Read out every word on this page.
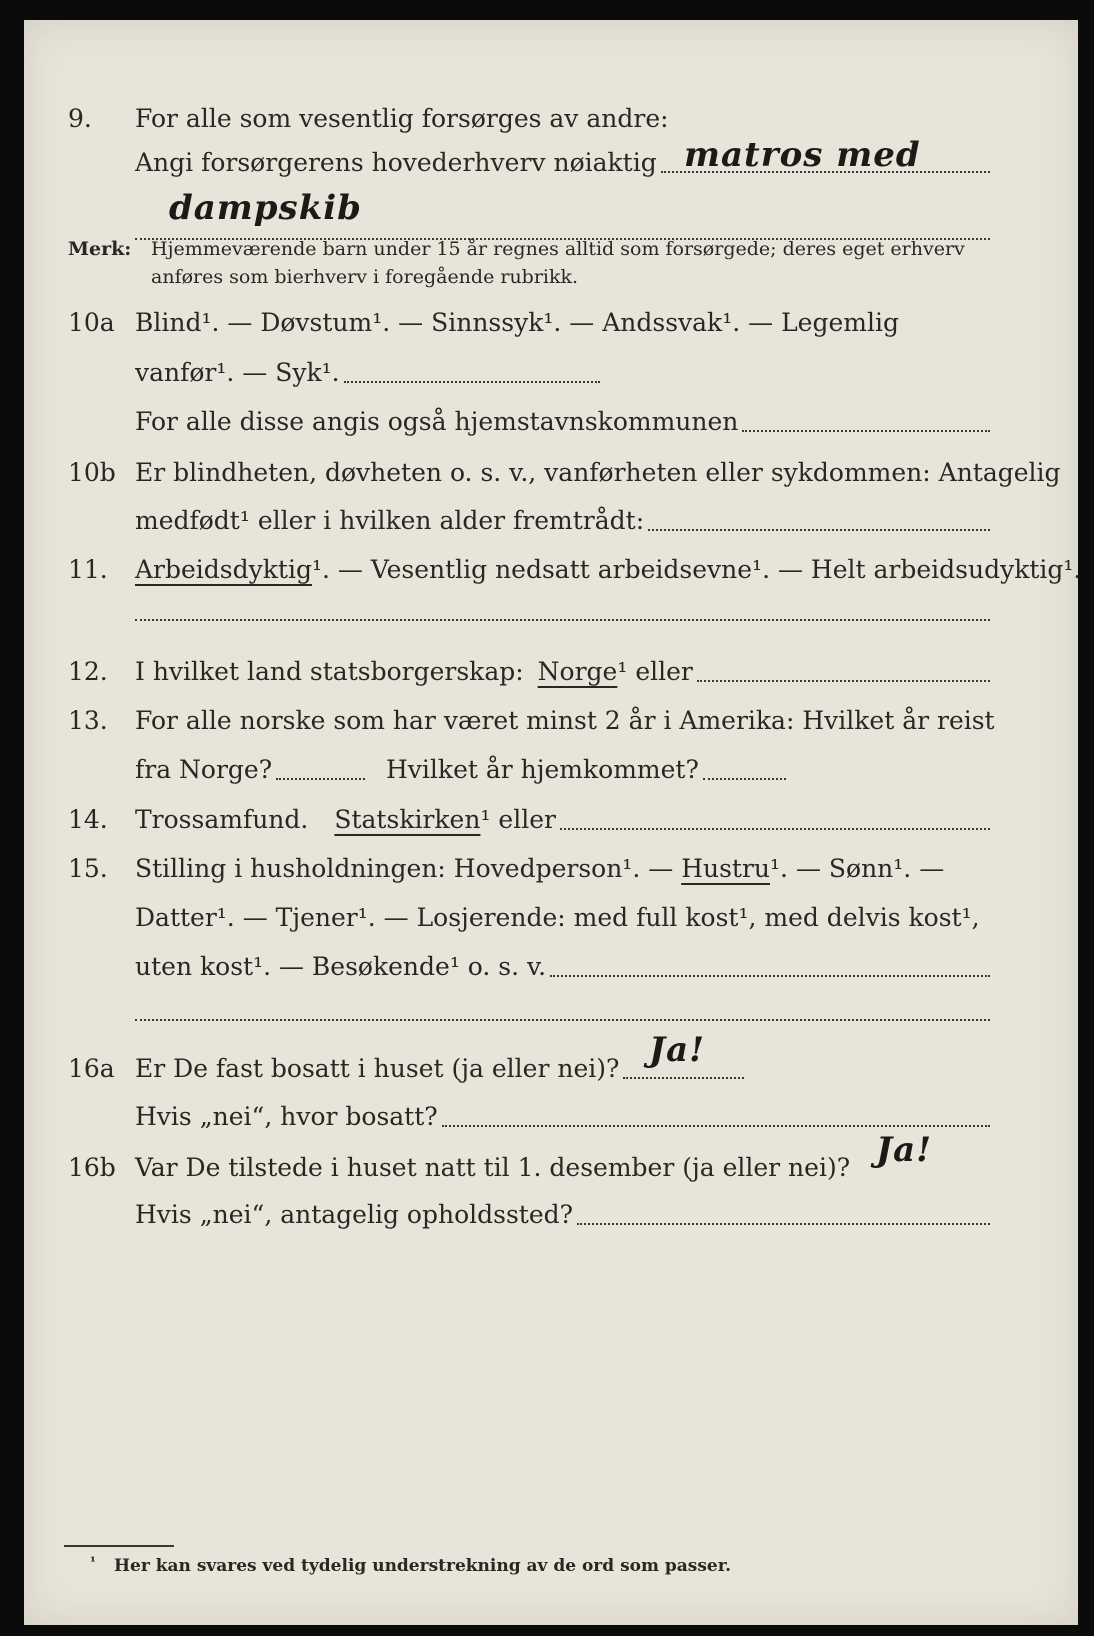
9. For alle som vesentlig forsørges av andre:
Angi forsørgerens hovederhverv nøiaktig matros med
dampskib
Merk: Hjemmeværende barn under 15 år regnes alltid som forsørgede; deres eget erhverv
anføres som bierhverv i foregående rubrikk.
10a Blind¹. — Døvstum¹. — Sinnssyk¹. — Andssvak¹. — Legemlig
vanfør¹. — Syk¹.
For alle disse angis også hjemstavnskommunen
10b Er blindheten, døvheten o. s. v., vanførheten eller sykdommen: Antagelig
medfødt¹ eller i hvilken alder fremtrådt:
11. Arbeidsdyktig¹. — Vesentlig nedsatt arbeidsevne¹. — Helt arbeidsudyktig¹.
12.	I hvilket land statsborgerskap: Norge ¹ eller
13. For alle norske som har været minst 2 år i Amerika: Hvilket år reist
fra Norge?	Hvilket år hjemkommet?
14.	Trossamfund. Statskirken ¹ eller
15. Stilling i husholdningen: Hovedperson¹. — Hustru¹. — Sønn¹. —
Datter¹. — Tjener¹. — Losjerende: med full kost¹, med delvis kost¹,
uten kost¹. — Besøkende¹ o. s. v.
16a Er De fast bosatt i huset (ja eller nei)? Ja!
Hvis „nei“, hvor bosatt?
16b Var De tilstede i huset natt til 1. desember (ja eller nei)? Ja!
Hvis „nei“, antagelig opholdssted?
¹ Her kan svares ved tydelig understrekning av de ord som passer.
